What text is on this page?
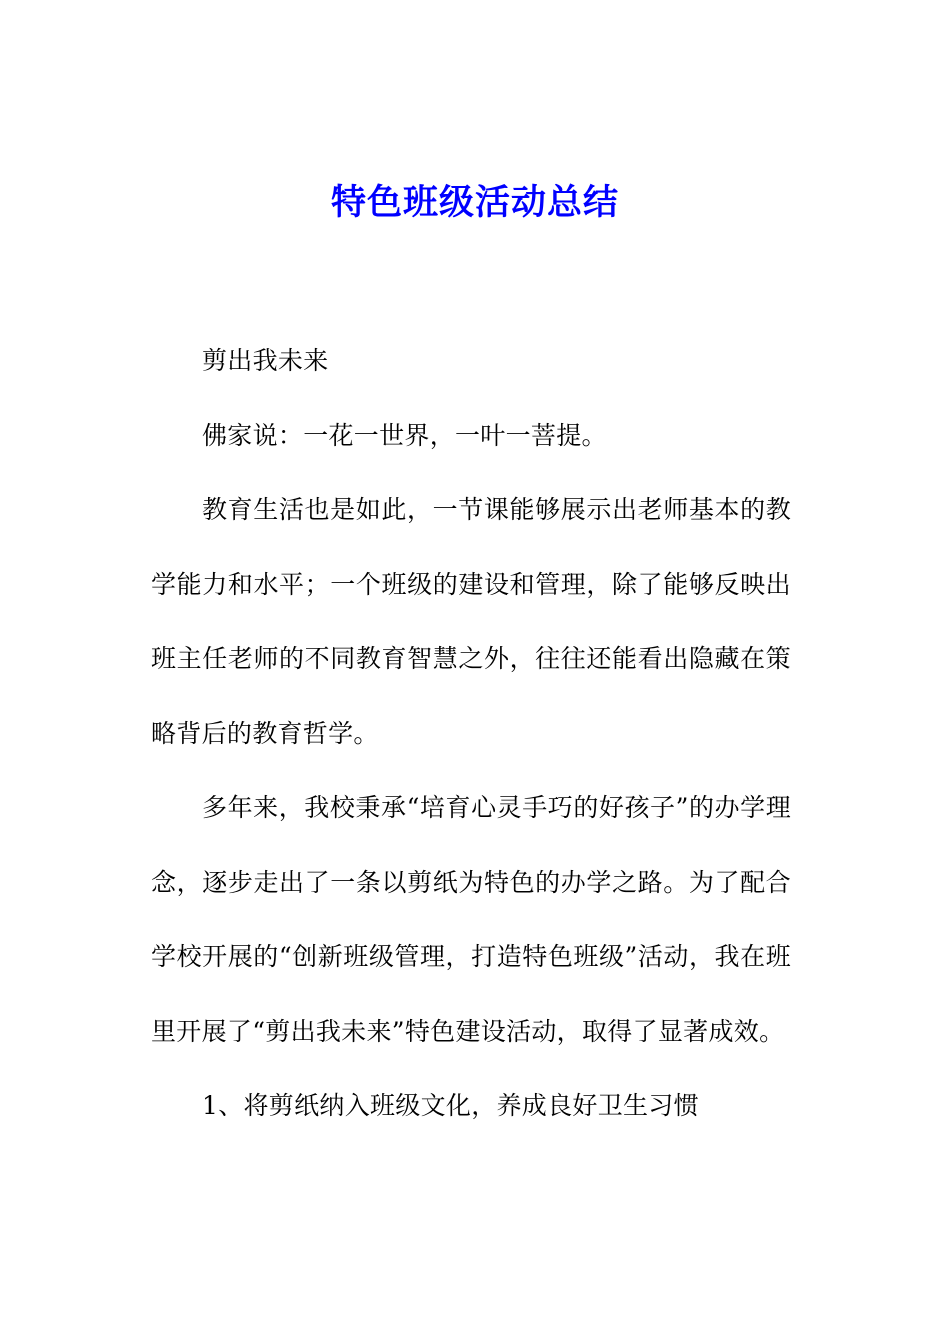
特色班级活动总结

剪出我未来

佛家说：一花一世界，一叶一菩提。

教育生活也是如此，一节课能够展示出老师基本的教学能力和水平；一个班级的建设和管理，除了能够反映出班主任老师的不同教育智慧之外，往往还能看出隐藏在策略背后的教育哲学。

多年来，我校秉承“培育心灵手巧的好孩子”的办学理念，逐步走出了一条以剪纸为特色的办学之路。为了配合学校开展的“创新班级管理，打造特色班级”活动，我在班里开展了“剪出我未来”特色建设活动，取得了显著成效。

1、将剪纸纳入班级文化，养成良好卫生习惯
